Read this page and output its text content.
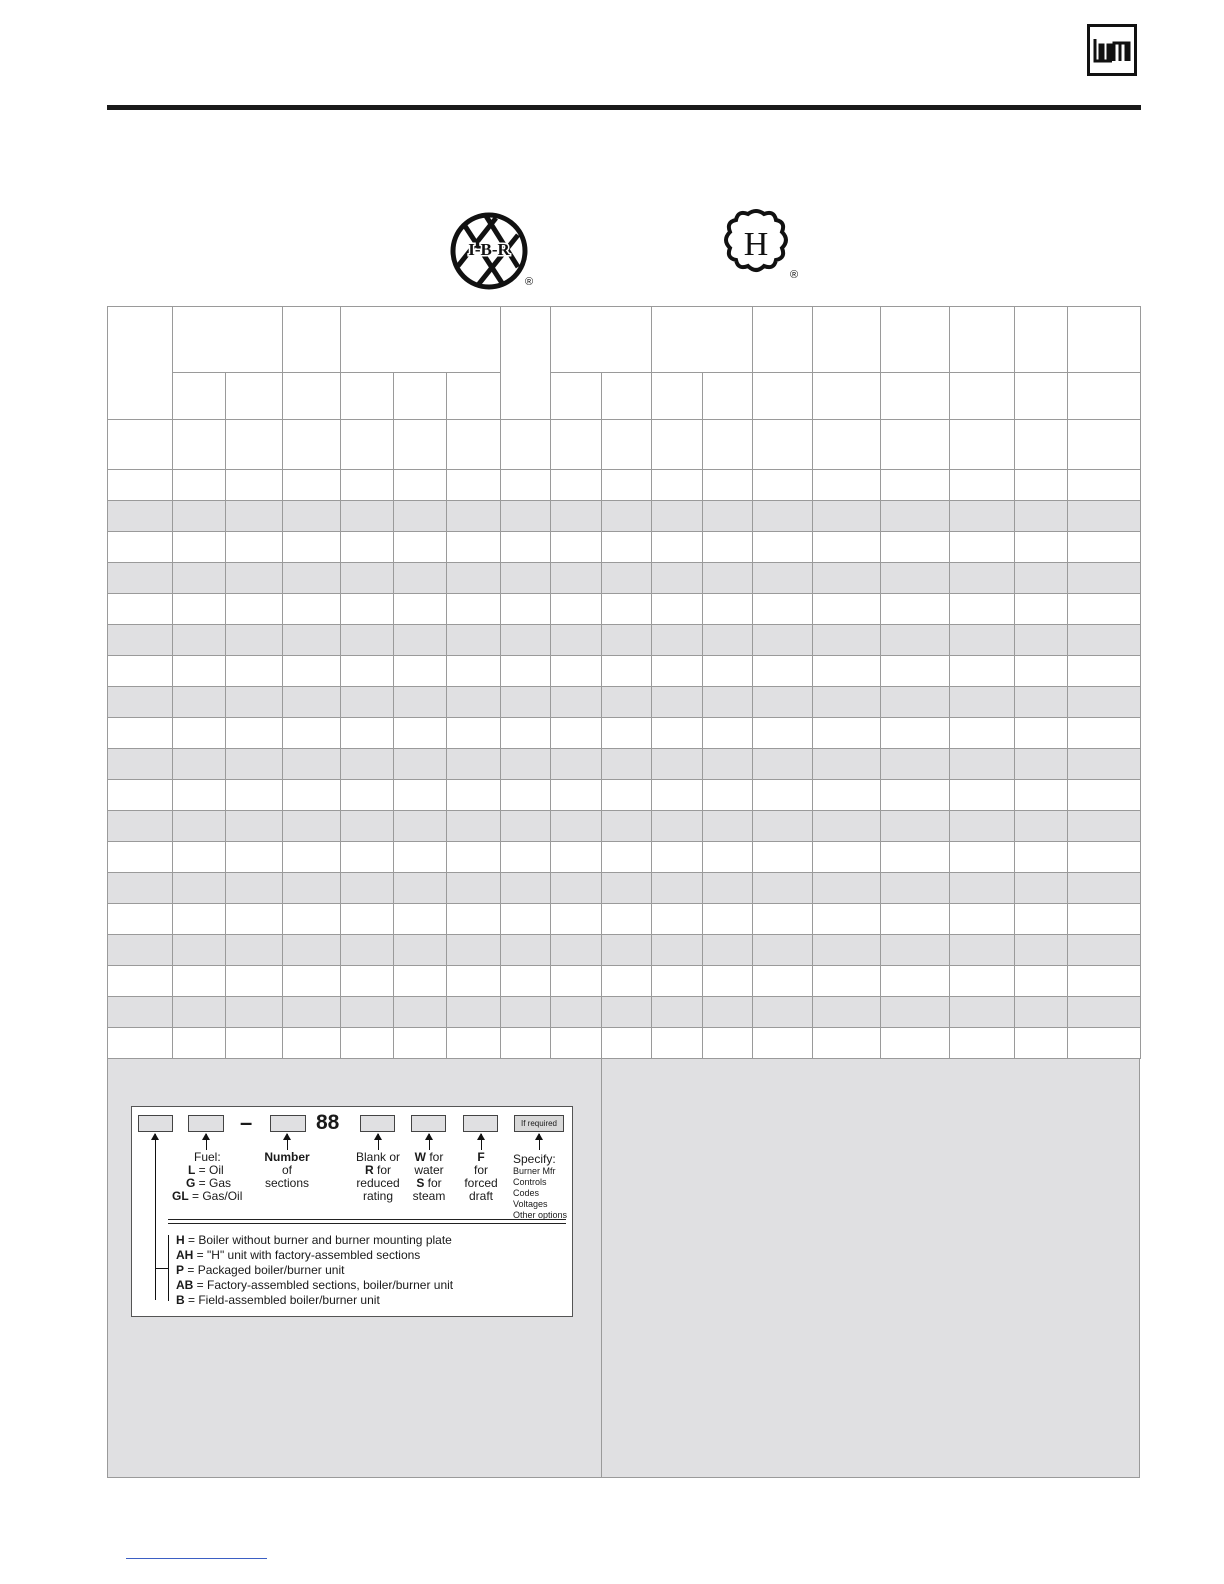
I-B-R
®
H
®

–	88	If required
Fuel:
L = Oil
G = Gas
GL = Gas/Oil
Number
of
sections
Blank or
R for
reduced
rating
W for
water
S for
steam
F
for
forced
draft
Specify:
Burner Mfr
Controls
Codes
Voltages
Other options
H = Boiler without burner and burner mounting plate
AH = "H" unit with factory-assembled sections
P = Packaged boiler/burner unit
AB = Factory-assembled sections, boiler/burner unit
B = Field-assembled boiler/burner unit
